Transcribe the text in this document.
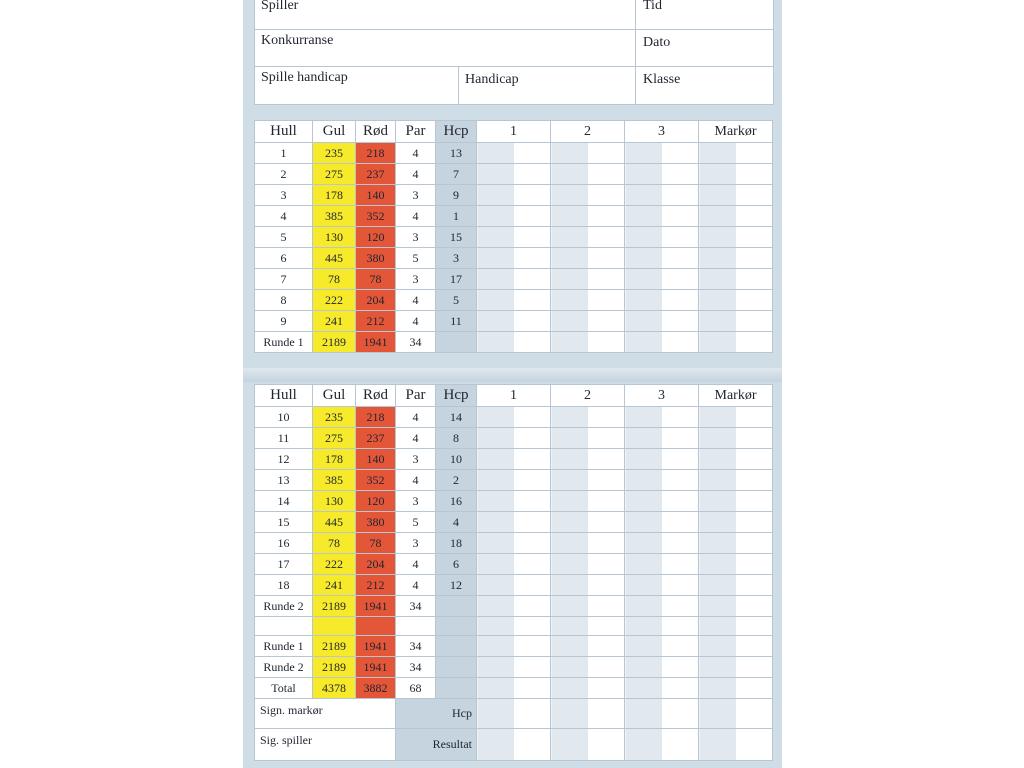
Spiller	Tid
Konkurranse	Dato
Spille handicap	Handicap	Klasse
Hull	Gul	Rød	Par	Hcp	1	2	3	Markør
1	235	218	4	13				
2	275	237	4	7				
3	178	140	3	9				
4	385	352	4	1				
5	130	120	3	15				
6	445	380	5	3				
7	78	78	3	17				
8	222	204	4	5				
9	241	212	4	11				
Runde 1	2189	1941	34					
Hull	Gul	Rød	Par	Hcp	1	2	3	Markør
10	235	218	4	14				
11	275	237	4	8				
12	178	140	3	10				
13	385	352	4	2				
14	130	120	3	16				
15	445	380	5	4				
16	78	78	3	18				
17	222	204	4	6				
18	241	212	4	12				
Runde 2	2189	1941	34					

Runde 1	2189	1941	34					
Runde 2	2189	1941	34					
Total	4378	3882	68					
Sign. markør			Hcp					
Sig. spiller			Resultat					
